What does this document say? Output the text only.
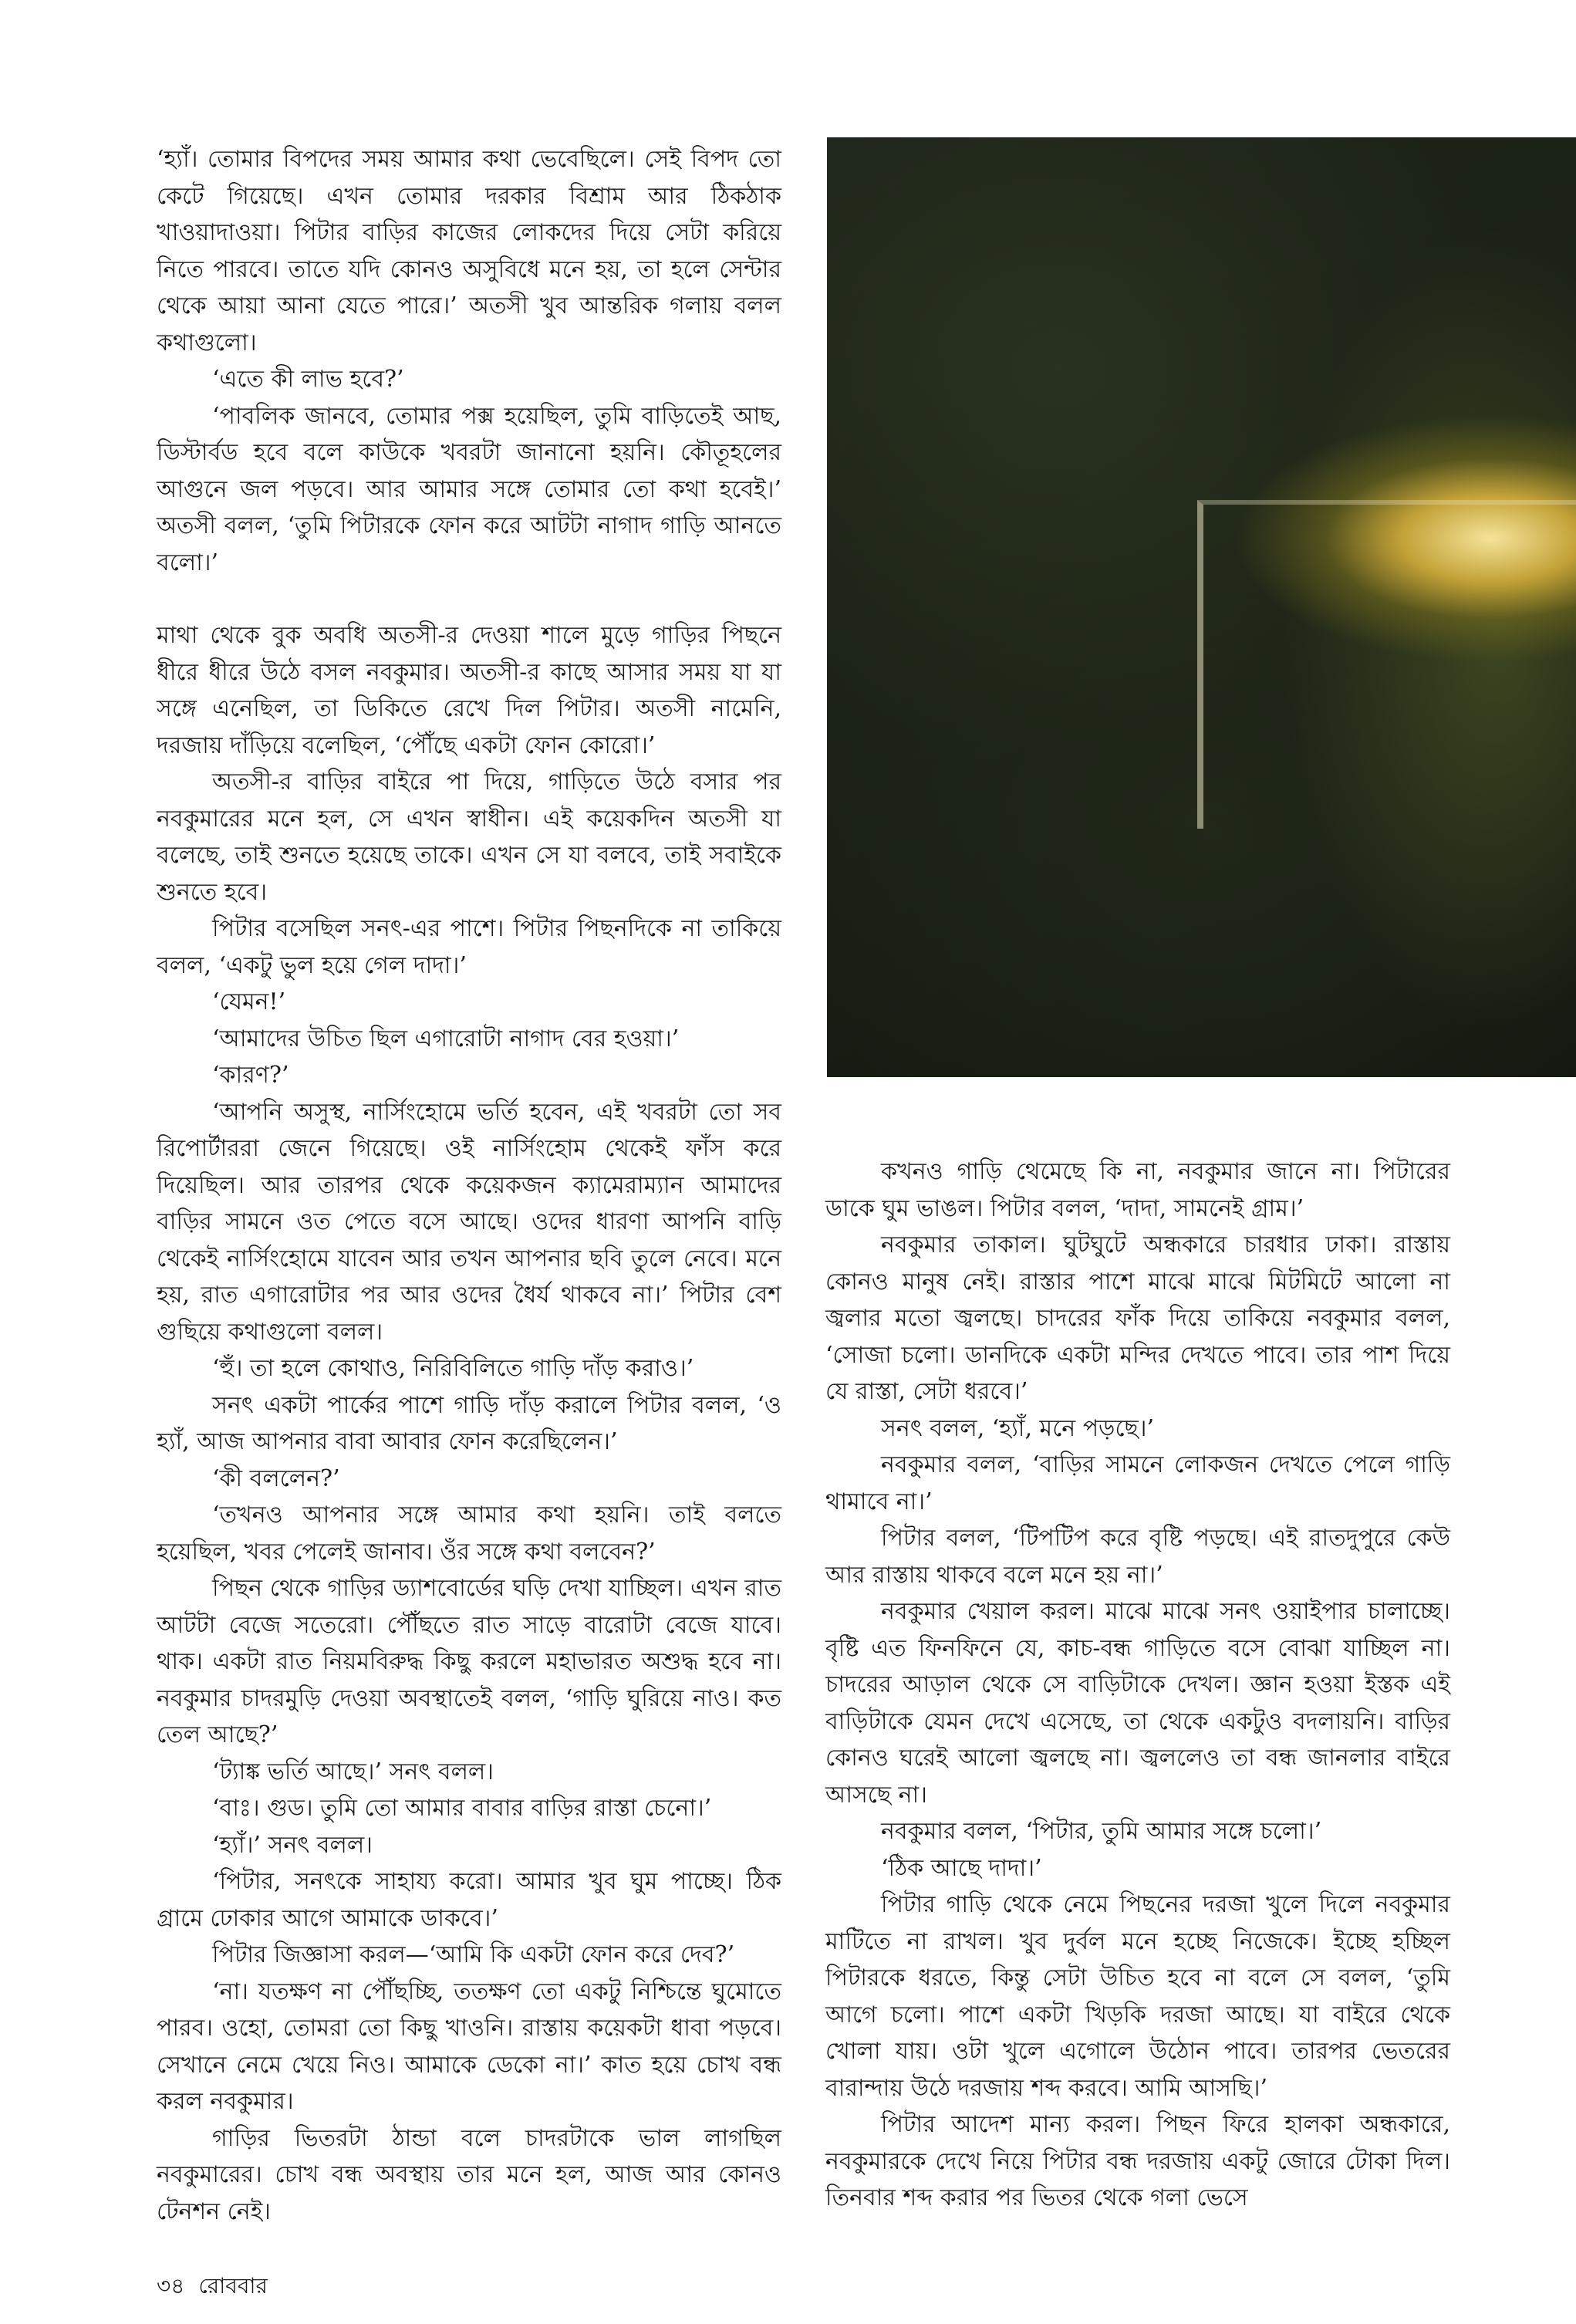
‘হ্যাঁ। তোমার বিপদের সময় আমার কথা ভেবেছিলে। সেই বিপদ তো কেটে গিয়েছে। এখন তোমার দরকার বিশ্রাম আর ঠিকঠাক খাওয়াদাওয়া। পিটার বাড়ির কাজের লোকদের দিয়ে সেটা করিয়ে নিতে পারবে। তাতে যদি কোনও অসুবিধে মনে হয়, তা হলে সেন্টার থেকে আয়া আনা যেতে পারে।’ অতসী খুব আন্তরিক গলায় বলল কথাগুলো।

‘এতে কী লাভ হবে?’

‘পাবলিক জানবে, তোমার পক্স হয়েছিল, তুমি বাড়িতেই আছ, ডিস্টার্বড হবে বলে কাউকে খবরটা জানানো হয়নি। কৌতূহলের আগুনে জল পড়বে। আর আমার সঙ্গে তোমার তো কথা হবেই।’ অতসী বলল, ‘তুমি পিটারকে ফোন করে আটটা নাগাদ গাড়ি আনতে বলো।’

মাথা থেকে বুক অবধি অতসী-র দেওয়া শালে মুড়ে গাড়ির পিছনে ধীরে ধীরে উঠে বসল নবকুমার। অতসী-র কাছে আসার সময় যা যা সঙ্গে এনেছিল, তা ডিকিতে রেখে দিল পিটার। অতসী নামেনি, দরজায় দাঁড়িয়ে বলেছিল, ‘পৌঁছে একটা ফোন কোরো।’

অতসী-র বাড়ির বাইরে পা দিয়ে, গাড়িতে উঠে বসার পর নবকুমারের মনে হল, সে এখন স্বাধীন। এই কয়েকদিন অতসী যা বলেছে, তাই শুনতে হয়েছে তাকে। এখন সে যা বলবে, তাই সবাইকে শুনতে হবে।

পিটার বসেছিল সনৎ-এর পাশে। পিটার পিছনদিকে না তাকিয়ে বলল, ‘একটু ভুল হয়ে গেল দাদা।’

‘যেমন!’

‘আমাদের উচিত ছিল এগারোটা নাগাদ বের হওয়া।’

‘কারণ?’

‘আপনি অসুস্থ, নার্সিংহোমে ভর্তি হবেন, এই খবরটা তো সব রিপোর্টাররা জেনে গিয়েছে। ওই নার্সিংহোম থেকেই ফাঁস করে দিয়েছিল। আর তারপর থেকে কয়েকজন ক্যামেরাম্যান আমাদের বাড়ির সামনে ওত পেতে বসে আছে। ওদের ধারণা আপনি বাড়ি থেকেই নার্সিংহোমে যাবেন আর তখন আপনার ছবি তুলে নেবে। মনে হয়, রাত এগারোটার পর আর ওদের ধৈর্য থাকবে না।’ পিটার বেশ গুছিয়ে কথাগুলো বলল।

‘হুঁ। তা হলে কোথাও, নিরিবিলিতে গাড়ি দাঁড় করাও।’

সনৎ একটা পার্কের পাশে গাড়ি দাঁড় করালে পিটার বলল, ‘ও হ্যাঁ, আজ আপনার বাবা আবার ফোন করেছিলেন।’

‘কী বললেন?’

‘তখনও আপনার সঙ্গে আমার কথা হয়নি। তাই বলতে হয়েছিল, খবর পেলেই জানাব। ওঁর সঙ্গে কথা বলবেন?’

পিছন থেকে গাড়ির ড্যাশবোর্ডের ঘড়ি দেখা যাচ্ছিল। এখন রাত আটটা বেজে সতেরো। পৌঁছতে রাত সাড়ে বারোটা বেজে যাবে। থাক। একটা রাত নিয়মবিরুদ্ধ কিছু করলে মহাভারত অশুদ্ধ হবে না। নবকুমার চাদরমুড়ি দেওয়া অবস্থাতেই বলল, ‘গাড়ি ঘুরিয়ে নাও। কত তেল আছে?’

‘ট্যাঙ্ক ভর্তি আছে।’ সনৎ বলল।

‘বাঃ। গুড। তুমি তো আমার বাবার বাড়ির রাস্তা চেনো।’

‘হ্যাঁ।’ সনৎ বলল।

‘পিটার, সনৎকে সাহায্য করো। আমার খুব ঘুম পাচ্ছে। ঠিক গ্রামে ঢোকার আগে আমাকে ডাকবে।’

পিটার জিজ্ঞাসা করল—‘আমি কি একটা ফোন করে দেব?’

‘না। যতক্ষণ না পৌঁছচ্ছি, ততক্ষণ তো একটু নিশ্চিন্তে ঘুমোতে পারব। ওহো, তোমরা তো কিছু খাওনি। রাস্তায় কয়েকটা ধাবা পড়বে। সেখানে নেমে খেয়ে নিও। আমাকে ডেকো না।’ কাত হয়ে চোখ বন্ধ করল নবকুমার।

গাড়ির ভিতরটা ঠান্ডা বলে চাদরটাকে ভাল লাগছিল নবকুমারের। চোখ বন্ধ অবস্থায় তার মনে হল, আজ আর কোনও টেনশন নেই।

কখনও গাড়ি থেমেছে কি না, নবকুমার জানে না। পিটারের ডাকে ঘুম ভাঙল। পিটার বলল, ‘দাদা, সামনেই গ্রাম।’

নবকুমার তাকাল। ঘুটঘুটে অন্ধকারে চারধার ঢাকা। রাস্তায় কোনও মানুষ নেই। রাস্তার পাশে মাঝে মাঝে মিটমিটে আলো না জ্বলার মতো জ্বলছে। চাদরের ফাঁক দিয়ে তাকিয়ে নবকুমার বলল, ‘সোজা চলো। ডানদিকে একটা মন্দির দেখতে পাবে। তার পাশ দিয়ে যে রাস্তা, সেটা ধরবে।’

সনৎ বলল, ‘হ্যাঁ, মনে পড়ছে।’

নবকুমার বলল, ‘বাড়ির সামনে লোকজন দেখতে পেলে গাড়ি থামাবে না।’

পিটার বলল, ‘টিপটিপ করে বৃষ্টি পড়ছে। এই রাতদুপুরে কেউ আর রাস্তায় থাকবে বলে মনে হয় না।’

নবকুমার খেয়াল করল। মাঝে মাঝে সনৎ ওয়াইপার চালাচ্ছে। বৃষ্টি এত ফিনফিনে যে, কাচ-বন্ধ গাড়িতে বসে বোঝা যাচ্ছিল না। চাদরের আড়াল থেকে সে বাড়িটাকে দেখল। জ্ঞান হওয়া ইস্তক এই বাড়িটাকে যেমন দেখে এসেছে, তা থেকে একটুও বদলায়নি। বাড়ির কোনও ঘরেই আলো জ্বলছে না। জ্বললেও তা বন্ধ জানলার বাইরে আসছে না।

নবকুমার বলল, ‘পিটার, তুমি আমার সঙ্গে চলো।’

‘ঠিক আছে দাদা।’

পিটার গাড়ি থেকে নেমে পিছনের দরজা খুলে দিলে নবকুমার মাটিতে না রাখল। খুব দুর্বল মনে হচ্ছে নিজেকে। ইচ্ছে হচ্ছিল পিটারকে ধরতে, কিন্তু সেটা উচিত হবে না বলে সে বলল, ‘তুমি আগে চলো। পাশে একটা খিড়কি দরজা আছে। যা বাইরে থেকে খোলা যায়। ওটা খুলে এগোলে উঠোন পাবে। তারপর ভেতরের বারান্দায় উঠে দরজায় শব্দ করবে। আমি আসছি।’

পিটার আদেশ মান্য করল। পিছন ফিরে হালকা অন্ধকারে, নবকুমারকে দেখে নিয়ে পিটার বন্ধ দরজায় একটু জোরে টোকা দিল। তিনবার শব্দ করার পর ভিতর থেকে গলা ভেসে

৩৪ রোববার
